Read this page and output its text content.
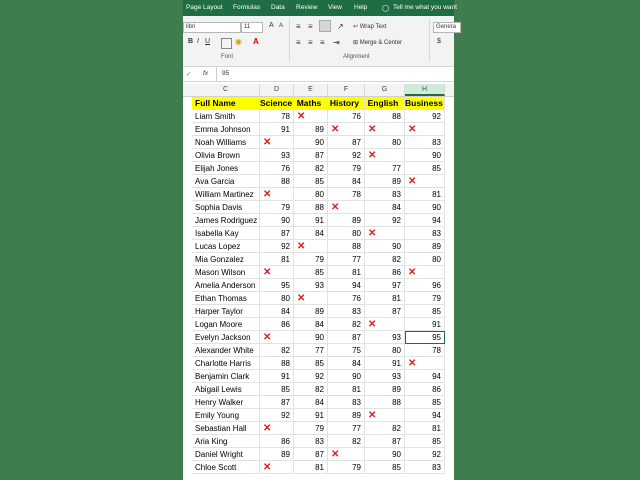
Page Layout Formulas Data Review View Help ◯ Tell me what you want
libri	11	A A
B I U	◉ A
Font
≡ ≡	↗
≡ ≡ ≡ ⇥
↩ Wrap Text
⊞ Merge & Center
Alignment
Genera
$
✓ fx 95
C	D	E	F	G	H
Full Name	Science Maths	History	English Business
Liam Smith	78 ✕	76	88	92
Emma Johnson	91	89 ✕	✕	✕
Noah Williams	✕	90	87	80	83
Olivia Brown	93	87	92 ✕	90
Elijah Jones	76	82	79	77	85
Ava Garcia	88	85	84	89 ✕
William Martinez ✕	80	78	83	81
Sophia Davis	79	88 ✕	84	90
James Rodriguez	90	91	89	92	94
Isabella Kay	87	84	80 ✕	83
Lucas Lopez	92 ✕	88	90	89
Mia Gonzalez	81	79	77	82	80
Mason Wilson	✕	85	81	86 ✕
Amelia Anderson	95	93	94	97	96
Ethan Thomas	80 ✕	76	81	79
Harper Taylor	84	89	83	87	85
Logan Moore	86	84	82 ✕	91
Evelyn Jackson	✕	90	87	93	95
Alexander White	82	77	75	80	78
Charlotte Harris	88	85	84	91 ✕
Benjamin Clark	91	92	90	93	94
Abigail Lewis	85	82	81	89	86
Henry Walker	87	84	83	88	85
Emily Young	92	91	89 ✕	94
Sebastian Hall	✕	79	77	82	81
Aria King	86	83	82	87	85
Daniel Wright	89	87 ✕	90	92
Chloe Scott	✕	81	79	85	83
